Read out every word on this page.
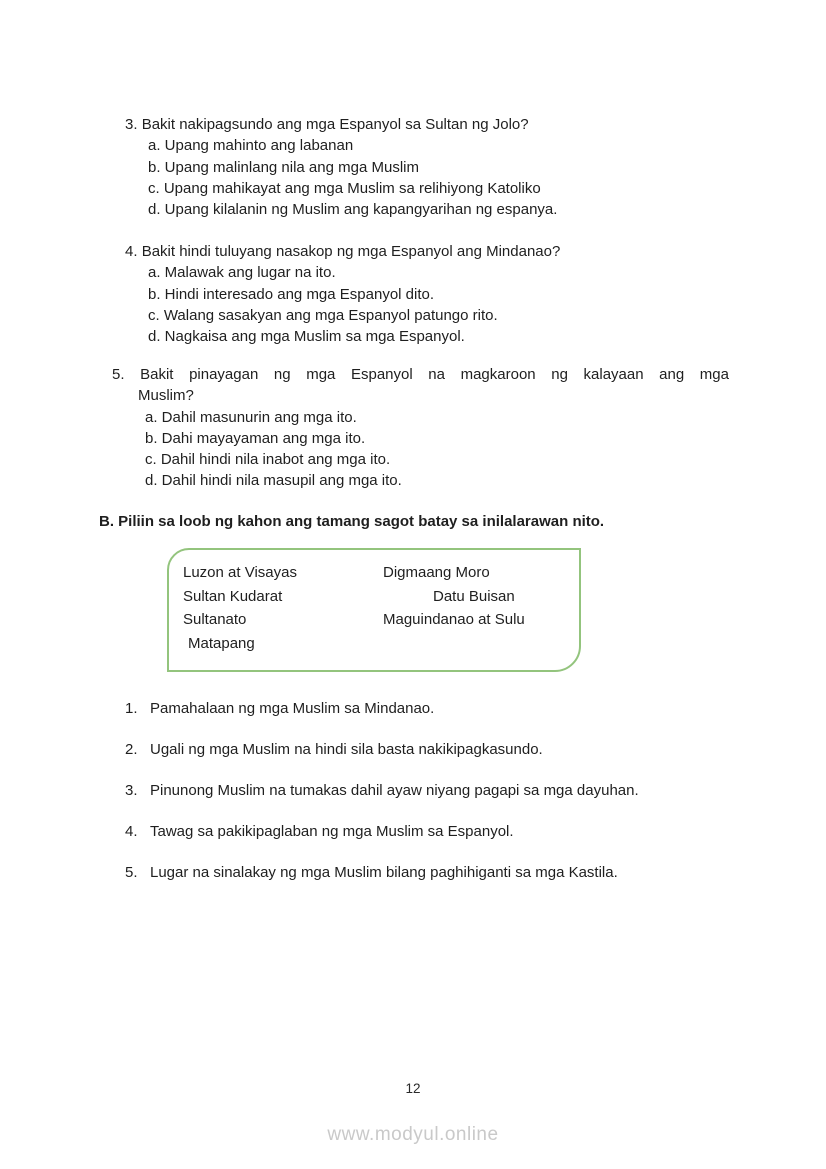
3. Bakit nakipagsundo ang mga Espanyol sa Sultan ng Jolo?
a. Upang mahinto ang labanan
b. Upang malinlang nila ang mga Muslim
c. Upang mahikayat ang mga Muslim sa relihiyong Katoliko
d. Upang kilalanin ng Muslim ang kapangyarihan ng espanya.
4. Bakit hindi tuluyang nasakop ng mga Espanyol ang Mindanao?
a. Malawak ang lugar na ito.
b. Hindi interesado ang mga Espanyol dito.
c. Walang sasakyan ang mga Espanyol patungo rito.
d. Nagkaisa ang mga Muslim sa mga Espanyol.
5. Bakit pinayagan ng mga Espanyol na magkaroon ng kalayaan ang mga
Muslim?
a. Dahil masunurin ang mga ito.
b. Dahi mayayaman ang mga ito.
c. Dahil hindi nila inabot ang mga ito.
d. Dahil hindi nila masupil ang mga ito.
B. Piliin sa loob ng kahon ang tamang sagot batay sa inilalarawan nito.
Luzon at Visayas	Digmaang Moro
Sultan Kudarat	Datu Buisan
Sultanato	Maguindanao at Sulu
Matapang
1. Pamahalaan ng mga Muslim sa Mindanao.
2. Ugali ng mga Muslim na hindi sila basta nakikipagkasundo.
3. Pinunong Muslim na tumakas dahil ayaw niyang pagapi sa mga dayuhan.
4. Tawag sa pakikipaglaban ng mga Muslim sa Espanyol.
5. Lugar na sinalakay ng mga Muslim bilang paghihiganti sa mga Kastila.
12
www.modyul.online
